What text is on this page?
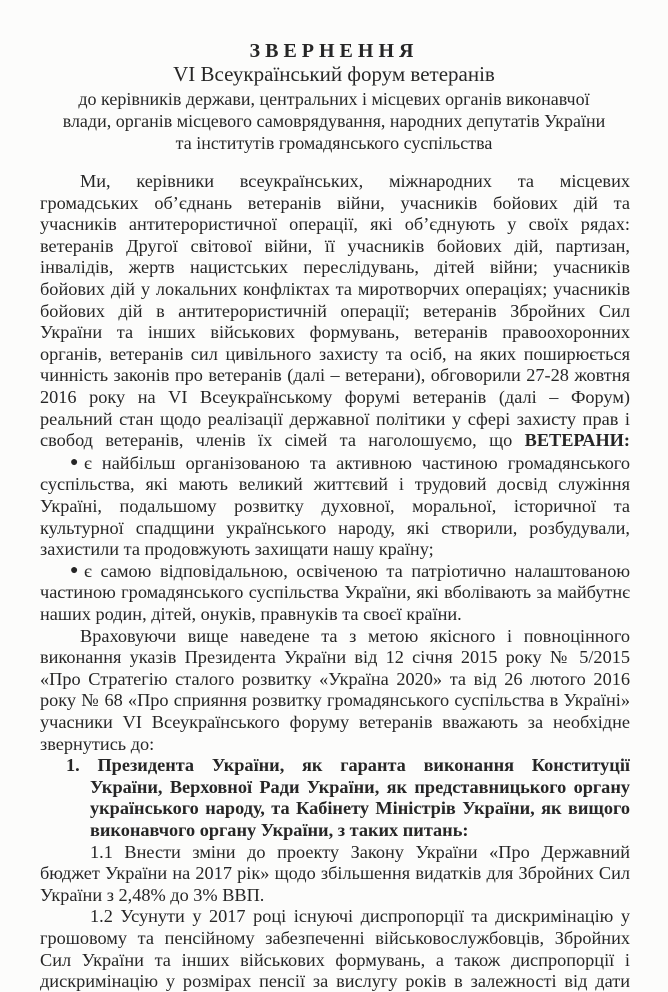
ЗВЕРНЕННЯ
VI Всеукраїнський форум ветеранів
до керівників держави, центральних і місцевих органів виконавчої
влади, органів місцевого самоврядування, народних депутатів України
та інститутів громадянського суспільства
Ми, керівники всеукраїнських, міжнародних та місцевих
громадських об’єднань ветеранів війни, учасників бойових дій та
учасників антитерористичної операції, які об’єднують у своїх рядах:
ветеранів Другої світової війни, її учасників бойових дій, партизан,
інвалідів, жертв нацистських переслідувань, дітей війни; учасників
бойових дій у локальних конфліктах та миротворчих операціях; учасників
бойових дій в антитерористичній операції; ветеранів Збройних Сил
України та інших військових формувань, ветеранів правоохоронних
органів, ветеранів сил цивільного захисту та осіб, на яких поширюється
чинність законів про ветеранів (далі – ветерани), обговорили 27-28 жовтня
2016 року на VI Всеукраїнському форумі ветеранів (далі – Форум)
реальний стан щодо реалізації державної політики у сфері захисту прав і
свобод ветеранів, членів їх сімей та наголошуємо, що ВЕТЕРАНИ:
● є найбільш організованою та активною частиною громадянського
суспільства, які мають великий життєвий і трудовий досвід служіння
Україні, подальшому розвитку духовної, моральної, історичної та
культурної спадщини українського народу, які створили, розбудували,
захистили та продовжують захищати нашу країну;
● є самою відповідальною, освіченою та патріотично налаштованою
частиною громадянського суспільства України, які вболівають за майбутнє
наших родин, дітей, онуків, правнуків та своєї країни.
Враховуючи вище наведене та з метою якісного і повноцінного
виконання указів Президента України від 12 січня 2015 року № 5/2015
«Про Стратегію сталого розвитку «Україна 2020» та від 26 лютого 2016
року № 68 «Про сприяння розвитку громадянського суспільства в Україні»
учасники VI Всеукраїнського форуму ветеранів вважають за необхідне
звернутись до:
1. Президента України, як гаранта виконання Конституції
України, Верховної Ради України, як представницького органу
українського народу, та Кабінету Міністрів України, як вищого
виконавчого органу України, з таких питань:
1.1 Внести зміни до проекту Закону України «Про Державний
бюджет України на 2017 рік» щодо збільшення видатків для Збройних Сил
України з 2,48% до 3% ВВП.
1.2 Усунути у 2017 році існуючі диспропорції та дискримінацію у
грошовому та пенсійному забезпеченні військовослужбовців, Збройних
Сил України та інших військових формувань, а також диспропорції і
дискримінацію у розмірах пенсії за вислугу років в залежності від дати
